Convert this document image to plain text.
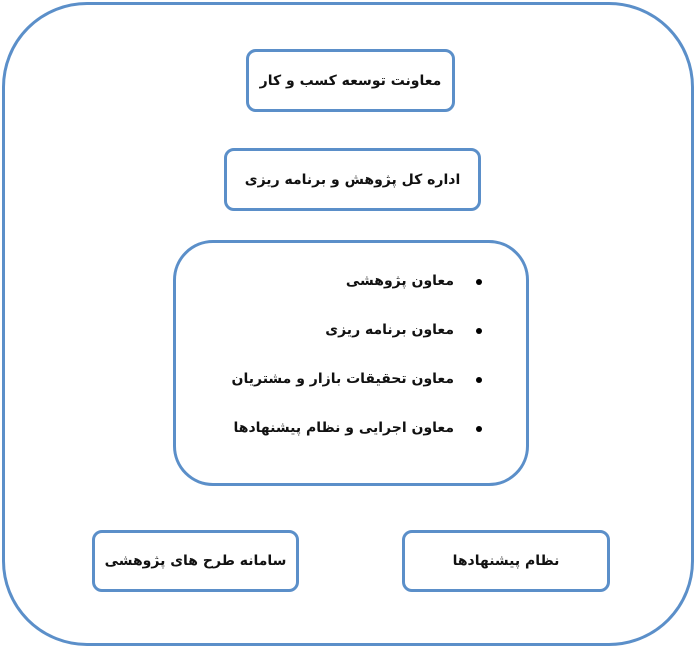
معاونت توسعه کسب و کار
اداره کل پژوهش و برنامه ریزی
معاون پژوهشی
معاون برنامه ریزی
معاون تحقیقات بازار و مشتریان
معاون اجرایی و نظام پیشنهادها
سامانه طرح های پژوهشی	نظام پیشنهادها
